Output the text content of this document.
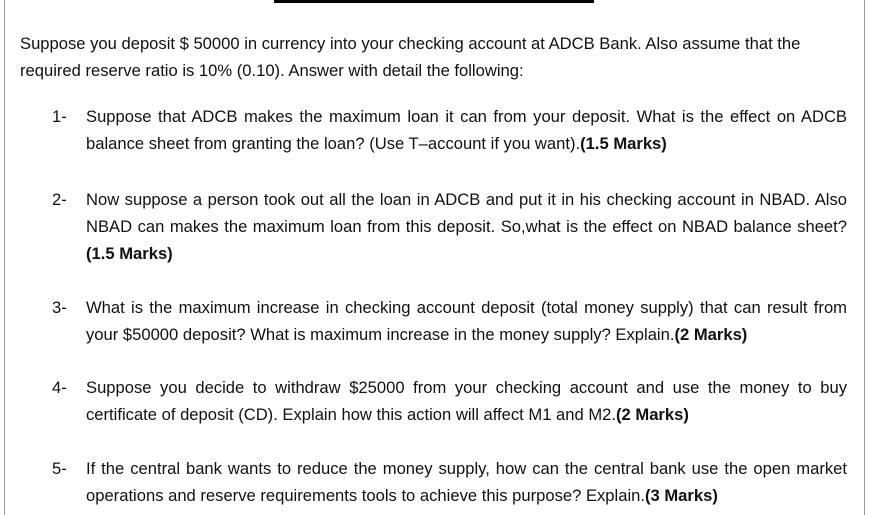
Suppose you deposit $ 50000 in currency into your checking account at ADCB Bank. Also assume that the required reserve ratio is 10% (0.10). Answer with detail the following:

1-	Suppose that ADCB makes the maximum loan it can from your deposit. What is the effect on ADCB balance sheet from granting the loan? (Use T–account if you want).(1.5 Marks)
2-	Now suppose a person took out all the loan in ADCB and put it in his checking account in NBAD. Also NBAD can makes the maximum loan from this deposit. So,what is the effect on NBAD balance sheet?(1.5 Marks)
3-	What is the maximum increase in checking account deposit (total money supply) that can result from your $50000 deposit? What is maximum increase in the money supply? Explain.(2 Marks)
4-	Suppose you decide to withdraw $25000 from your checking account and use the money to buy certificate of deposit (CD). Explain how this action will affect M1 and M2.(2 Marks)
5-	If the central bank wants to reduce the money supply, how can the central bank use the open market operations and reserve requirements tools to achieve this purpose? Explain.(3 Marks)
